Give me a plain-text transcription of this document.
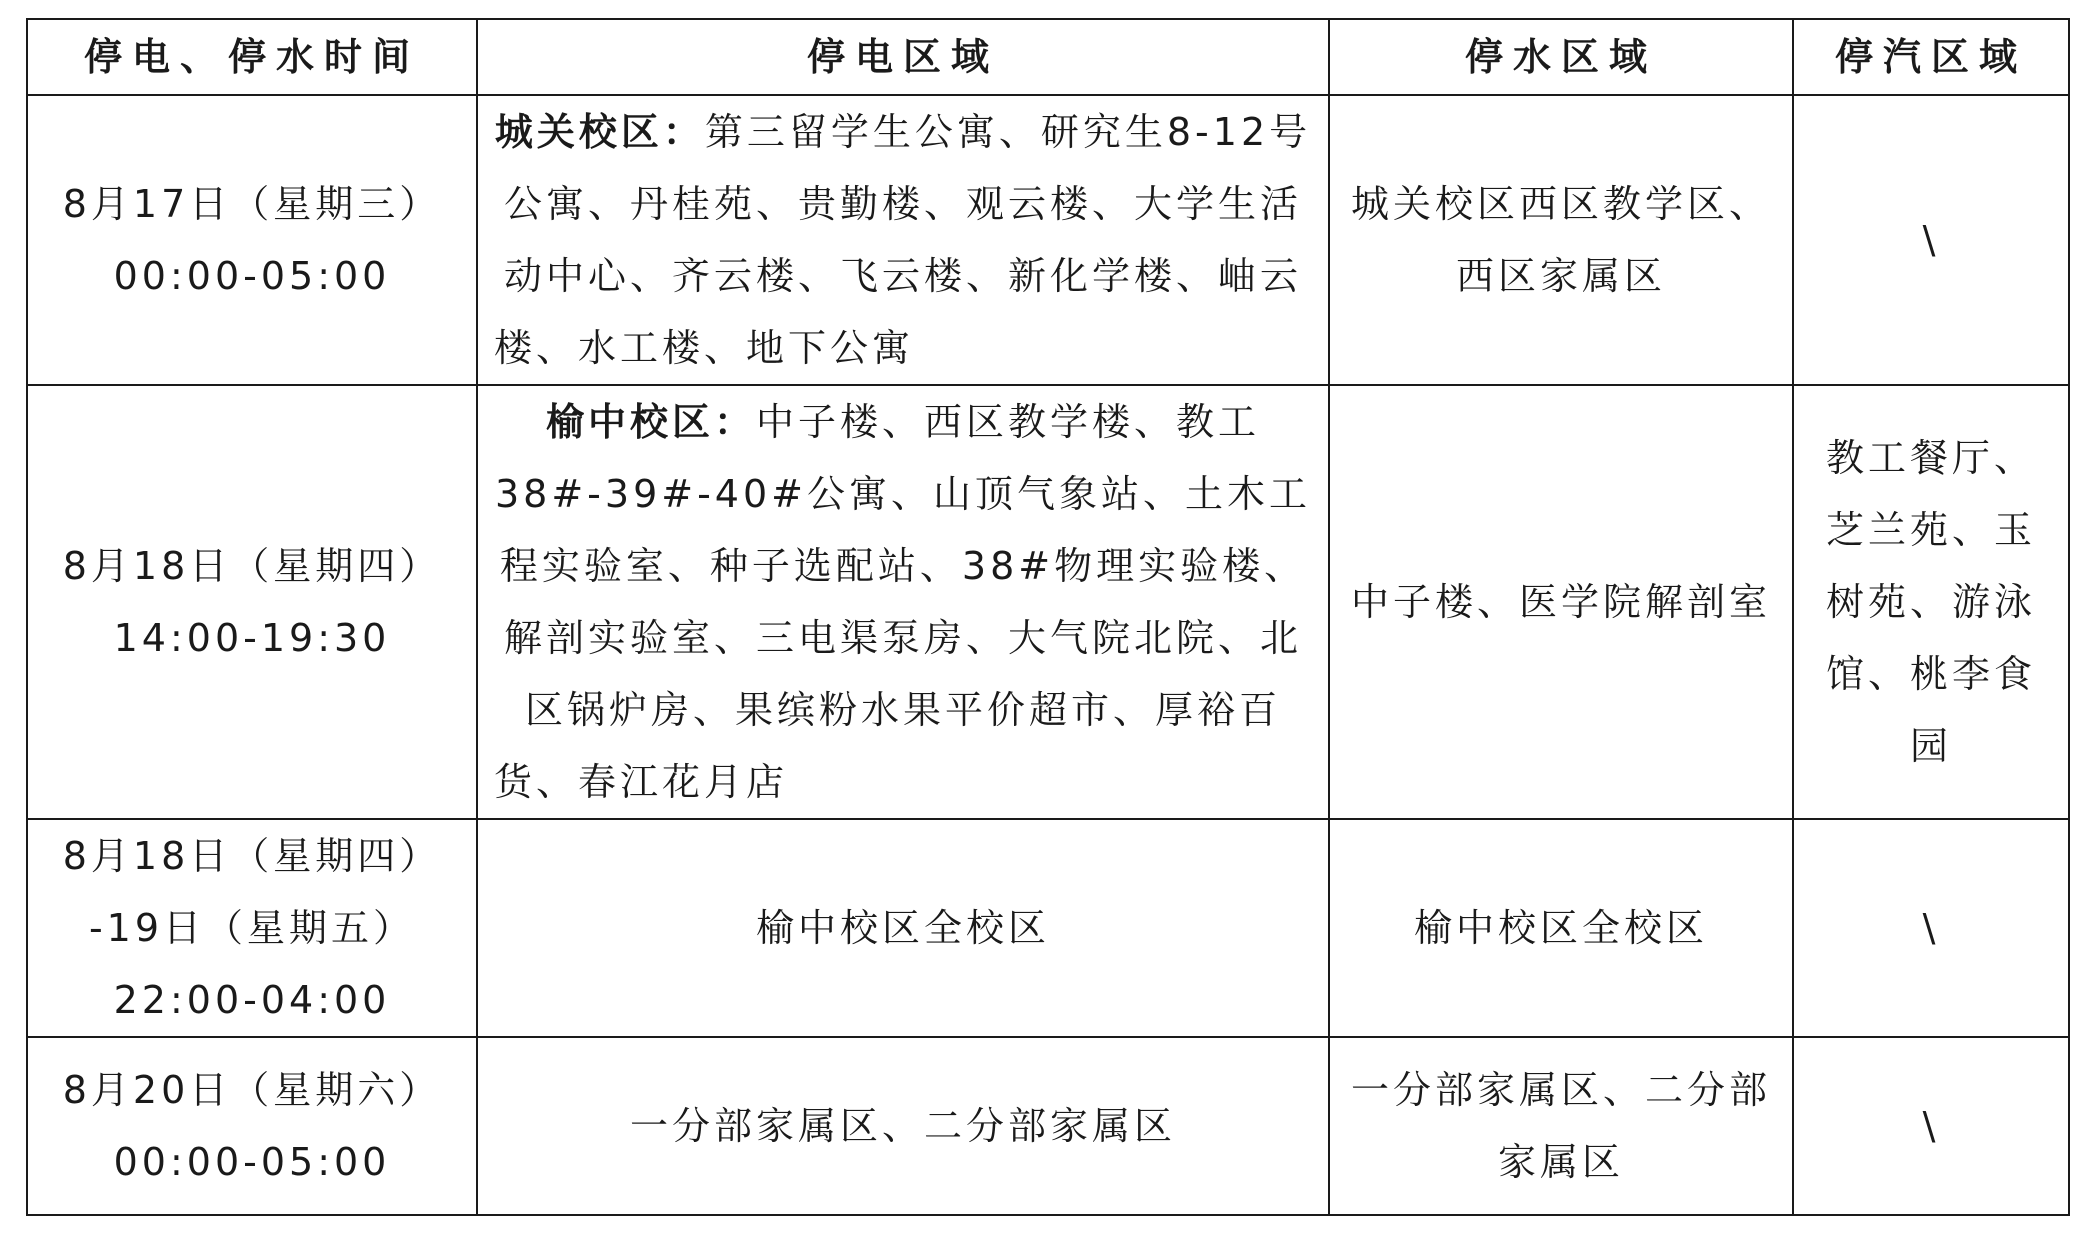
停电、停水时间	停电区域	停水区域	停汽区域

8月17日（星期三）
00:00-05:00	城关校区：第三留学生公寓、研究生8-12号公寓、丹桂苑、贵勤楼、观云楼、大学生活动中心、齐云楼、飞云楼、新化学楼、岫云楼、水工楼、地下公寓	城关校区西区教学区、西区家属区	\

8月18日（星期四）
14:00-19:30	榆中校区：中子楼、西区教学楼、教工38#-39#-40#公寓、山顶气象站、土木工程实验室、种子选配站、38#物理实验楼、解剖实验室、三电渠泵房、大气院北院、北区锅炉房、果缤粉水果平价超市、厚裕百货、春江花月店	中子楼、医学院解剖室	教工餐厅、芝兰苑、玉树苑、游泳馆、桃李食园

8月18日（星期四）
-19日（星期五）
22:00-04:00	榆中校区全校区	榆中校区全校区	\

8月20日（星期六）
00:00-05:00	一分部家属区、二分部家属区	一分部家属区、二分部家属区	\
